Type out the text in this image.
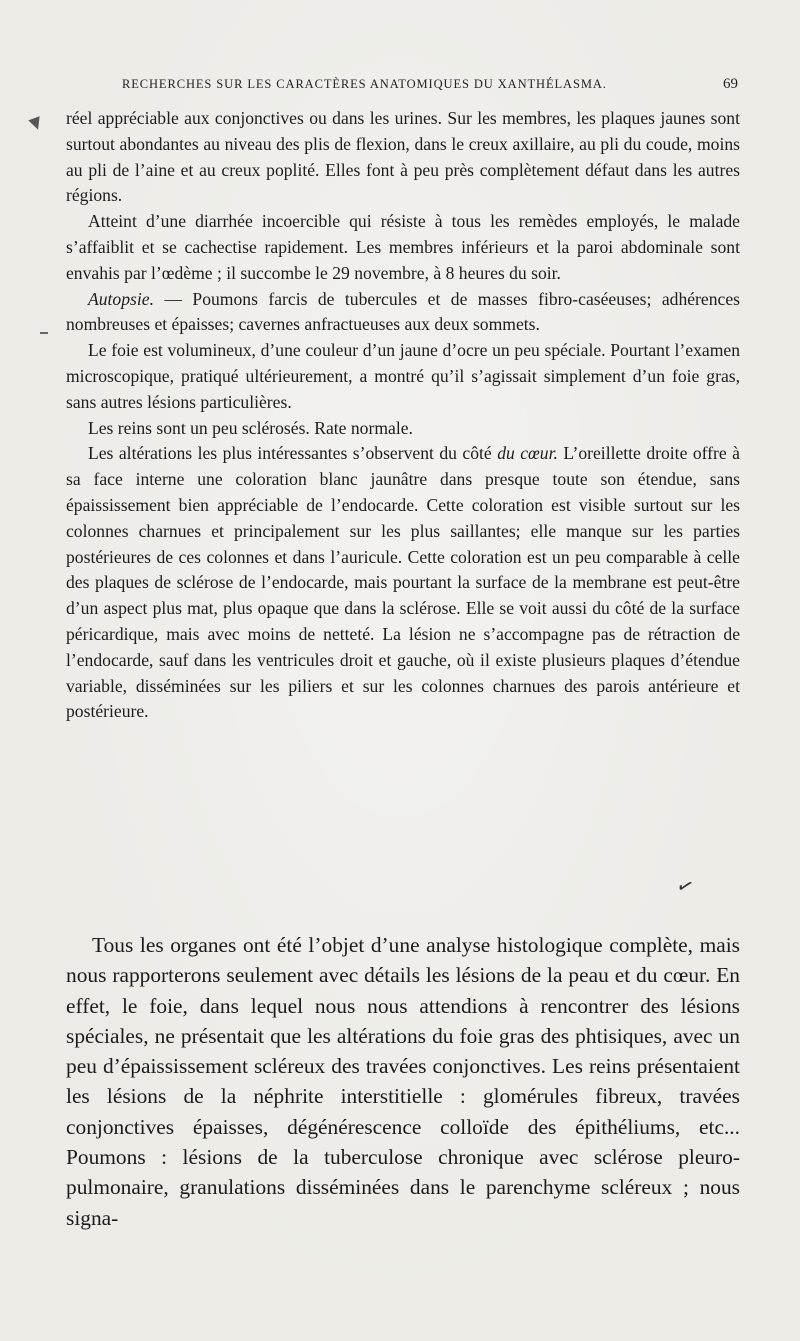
RECHERCHES SUR LES CARACTÈRES ANATOMIQUES DU XANTHÉLASMA.	69

réel appréciable aux conjonctives ou dans les urines. Sur les membres, les plaques jaunes sont surtout abondantes au niveau des plis de flexion, dans le creux axillaire, au pli du coude, moins au pli de l’aine et au creux poplité. Elles font à peu près complètement défaut dans les autres régions.

Atteint d’une diarrhée incoercible qui résiste à tous les remèdes employés, le malade s’affaiblit et se cachectise rapidement. Les membres inférieurs et la paroi abdominale sont envahis par l’œdème ; il succombe le 29 novembre, à 8 heures du soir.

Autopsie. — Poumons farcis de tubercules et de masses fibro-caséeuses; adhérences nombreuses et épaisses; cavernes anfractueuses aux deux sommets.

Le foie est volumineux, d’une couleur d’un jaune d’ocre un peu spéciale. Pourtant l’examen microscopique, pratiqué ultérieurement, a montré qu’il s’agissait simplement d’un foie gras, sans autres lésions particulières.

Les reins sont un peu sclérosés. Rate normale.

Les altérations les plus intéressantes s’observent du côté du cœur. L’oreillette droite offre à sa face interne une coloration blanc jaunâtre dans presque toute son étendue, sans épaississement bien appréciable de l’endocarde. Cette coloration est visible surtout sur les colonnes charnues et principalement sur les plus saillantes; elle manque sur les parties postérieures de ces colonnes et dans l’auricule. Cette coloration est un peu comparable à celle des plaques de sclérose de l’endocarde, mais pourtant la surface de la membrane est peut-être d’un aspect plus mat, plus opaque que dans la sclérose. Elle se voit aussi du côté de la surface péricardique, mais avec moins de netteté. La lésion ne s’accompagne pas de rétraction de l’endocarde, sauf dans les ventricules droit et gauche, où il existe plusieurs plaques d’étendue variable, disséminées sur les piliers et sur les colonnes charnues des parois antérieure et postérieure.

✓

Tous les organes ont été l’objet d’une analyse histologique complète, mais nous rapporterons seulement avec détails les lésions de la peau et du cœur. En effet, le foie, dans lequel nous nous attendions à rencontrer des lésions spéciales, ne présentait que les altérations du foie gras des phtisiques, avec un peu d’épaississement scléreux des travées conjonctives. Les reins présentaient les lésions de la néphrite interstitielle : glomérules fibreux, travées conjonctives épaisses, dégénérescence colloïde des épithéliums, etc... Poumons : lésions de la tuberculose chronique avec sclérose pleuro-pulmonaire, granulations disséminées dans le parenchyme scléreux ; nous signa-
